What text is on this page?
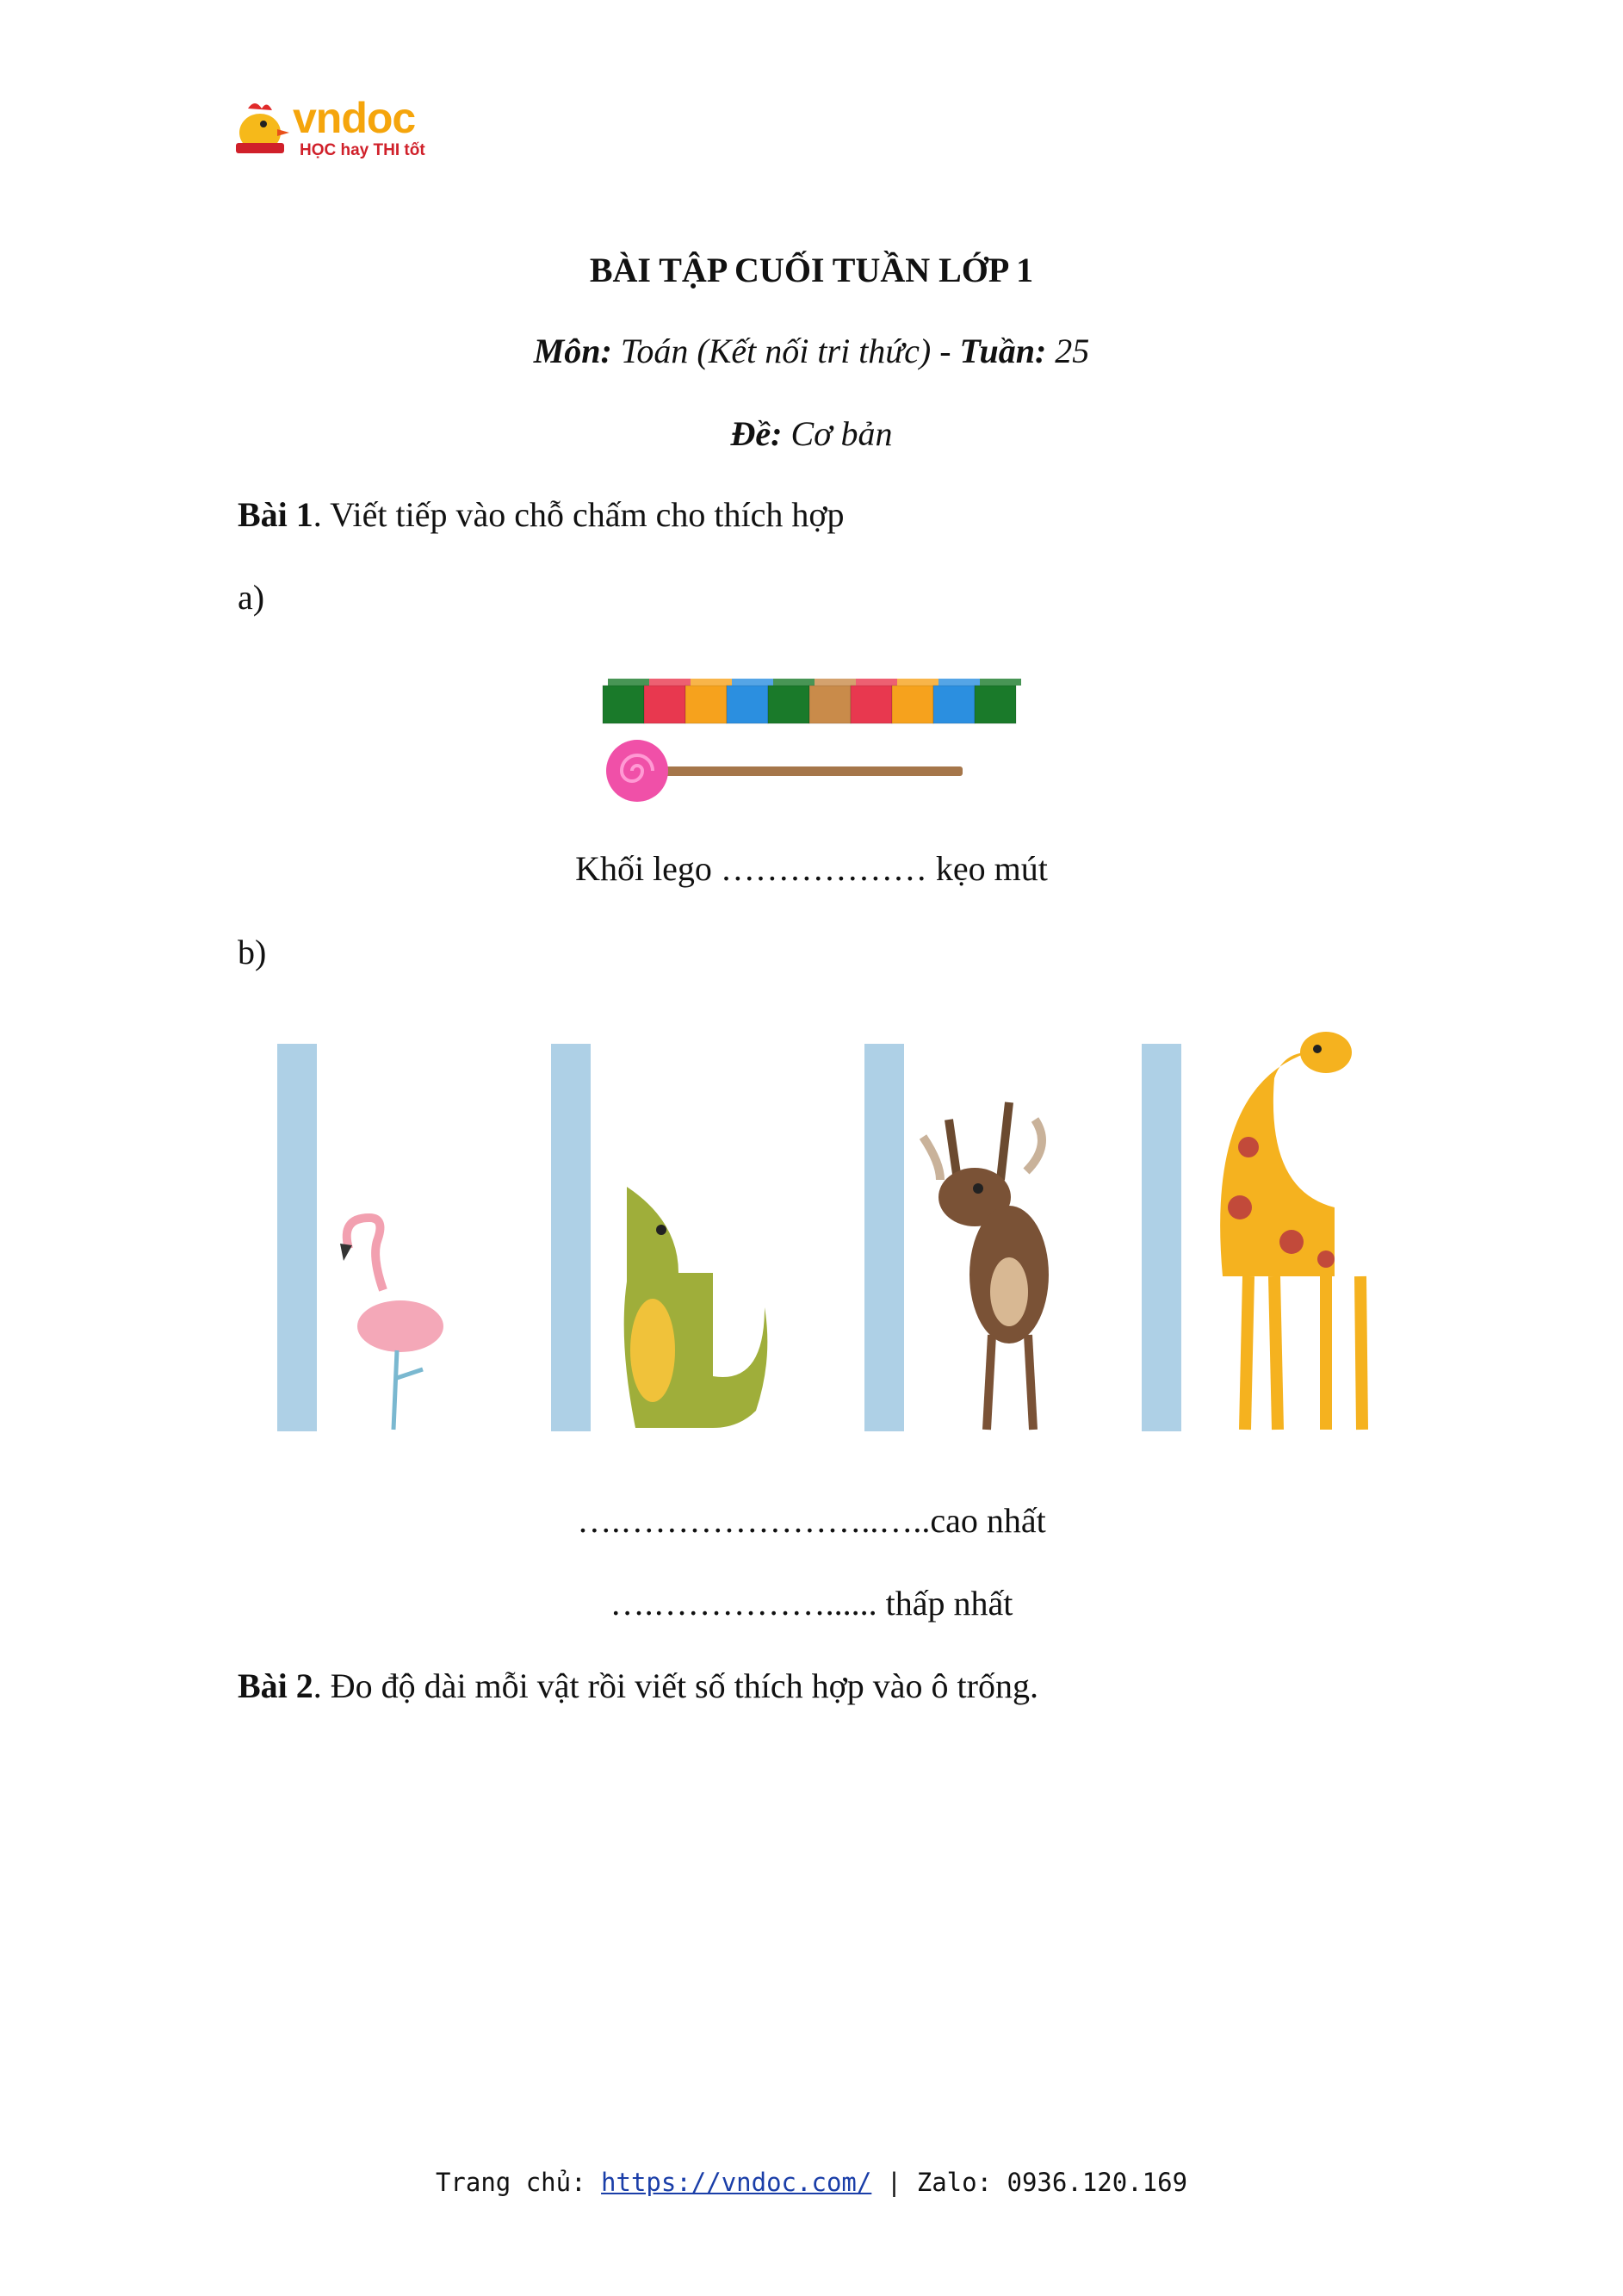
vndoc
HỌC hay THI tốt
BÀI TẬP CUỐI TUẦN LỚP 1
Môn: Toán (Kết nối tri thức) - Tuần: 25
Đề: Cơ bản
Bài 1. Viết tiếp vào chỗ chấm cho thích hợp
a)
Khối lego ……………… kẹo mút
b)
….…………………..…..cao nhất
….……………...... thấp nhất
Bài 2. Đo độ dài mỗi vật rồi viết số thích hợp vào ô trống.
Trang chủ: https://vndoc.com/ | Zalo: 0936.120.169
